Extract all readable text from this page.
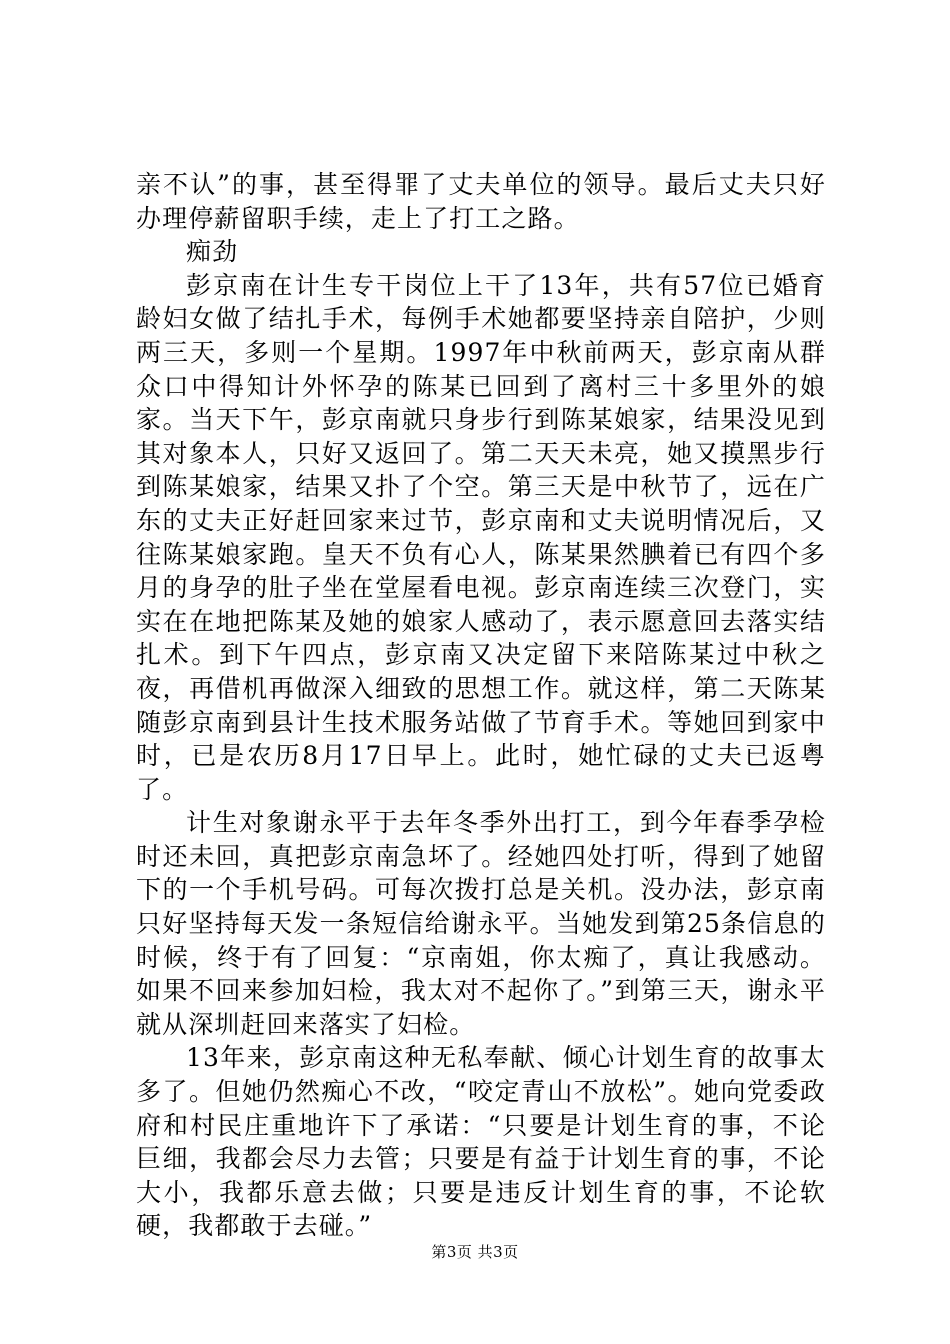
亲不认”的事，甚至得罪了丈夫单位的领导。最后丈夫只好办理停薪留职手续，走上了打工之路。

痴劲

彭京南在计生专干岗位上干了13年，共有57位已婚育龄妇女做了结扎手术，每例手术她都要坚持亲自陪护，少则两三天，多则一个星期。1997年中秋前两天，彭京南从群众口中得知计外怀孕的陈某已回到了离村三十多里外的娘家。当天下午，彭京南就只身步行到陈某娘家，结果没见到其对象本人，只好又返回了。第二天天未亮，她又摸黑步行到陈某娘家，结果又扑了个空。第三天是中秋节了，远在广东的丈夫正好赶回家来过节，彭京南和丈夫说明情况后，又往陈某娘家跑。皇天不负有心人，陈某果然腆着已有四个多月的身孕的肚子坐在堂屋看电视。彭京南连续三次登门，实实在在地把陈某及她的娘家人感动了，表示愿意回去落实结扎术。到下午四点，彭京南又决定留下来陪陈某过中秋之夜，再借机再做深入细致的思想工作。就这样，第二天陈某随彭京南到县计生技术服务站做了节育手术。等她回到家中时，已是农历8月17日早上。此时，她忙碌的丈夫已返粤了。

计生对象谢永平于去年冬季外出打工，到今年春季孕检时还未回，真把彭京南急坏了。经她四处打听，得到了她留下的一个手机号码。可每次拨打总是关机。没办法，彭京南只好坚持每天发一条短信给谢永平。当她发到第25条信息的时候，终于有了回复：“京南姐，你太痴了，真让我感动。如果不回来参加妇检，我太对不起你了。”到第三天，谢永平就从深圳赶回来落实了妇检。

13年来，彭京南这种无私奉献、倾心计划生育的故事太多了。但她仍然痴心不改，“咬定青山不放松”。她向党委政府和村民庄重地许下了承诺：“只要是计划生育的事，不论巨细，我都会尽力去管；只要是有益于计划生育的事，不论大小，我都乐意去做；只要是违反计划生育的事，不论软硬，我都敢于去碰。”

第3页 共3页
